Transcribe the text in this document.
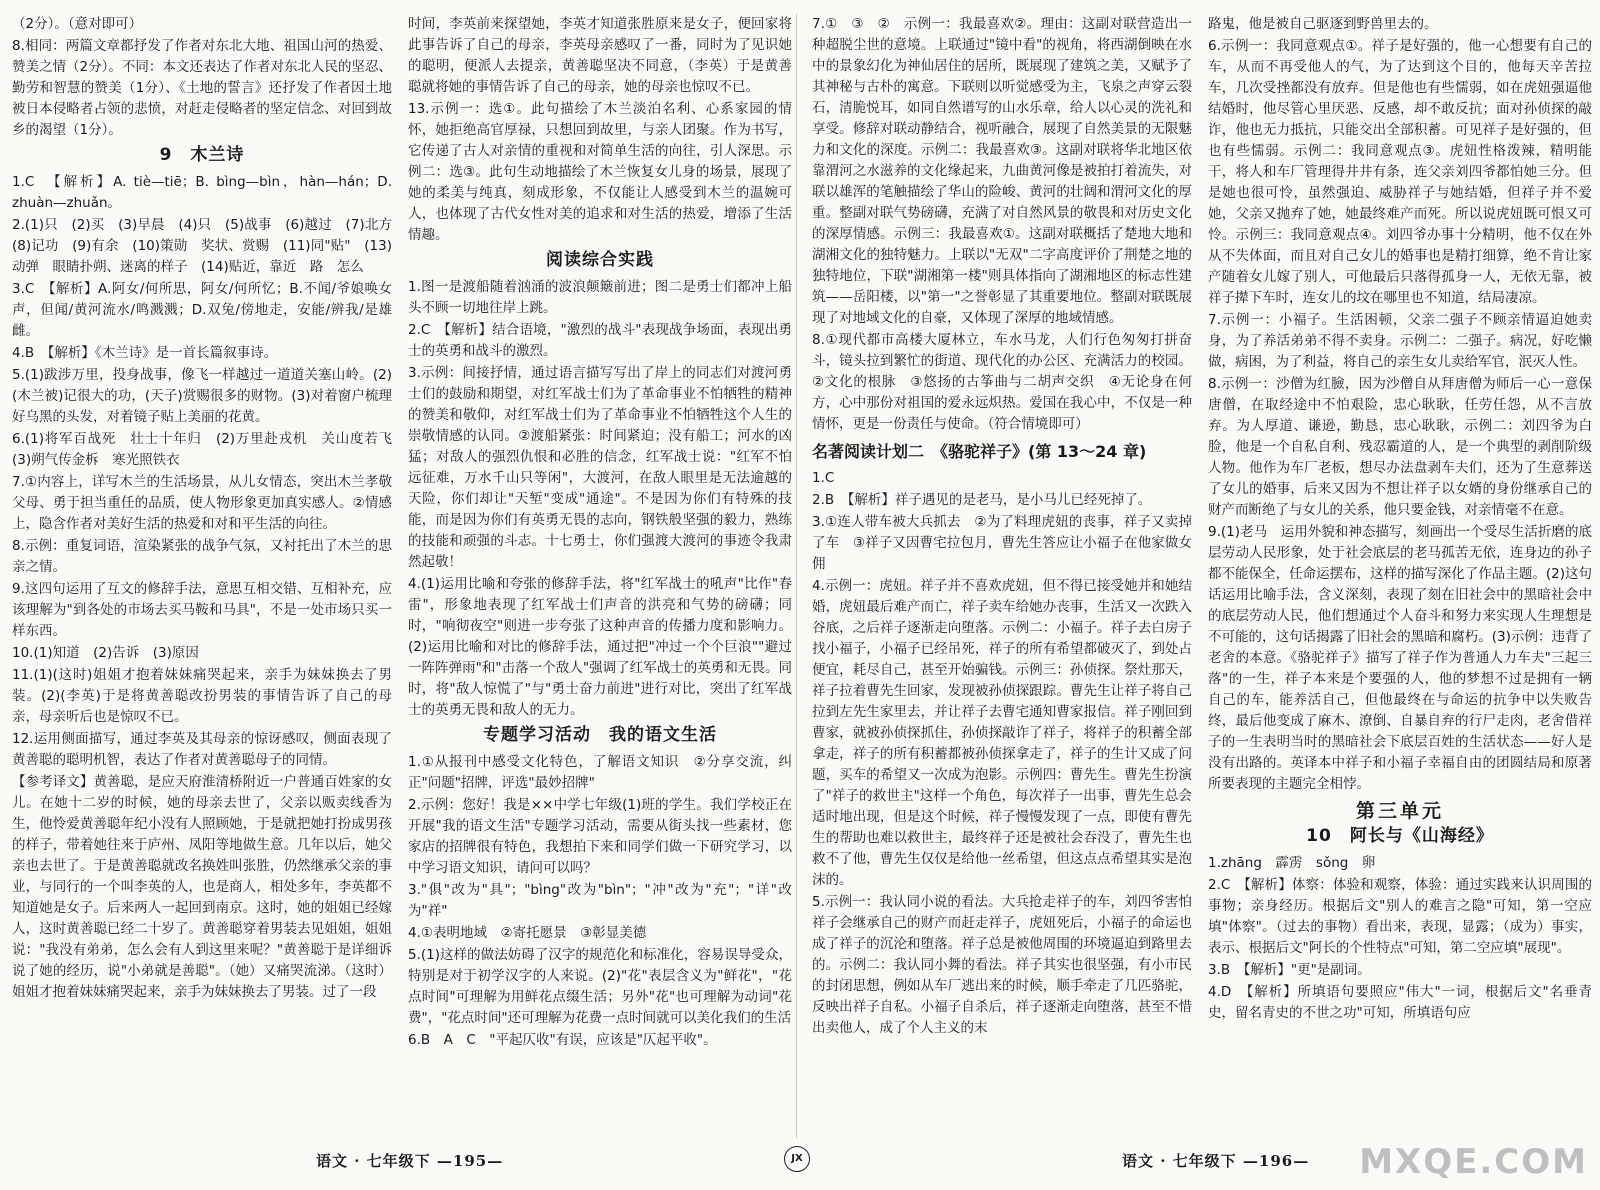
（2分）。（意对即可）

8.相同：两篇文章都抒发了作者对东北大地、祖国山河的热爱、赞美之情（2分）。不同：本文还表达了作者对东北人民的坚忍、勤劳和智慧的赞美（1分）、《土地的誓言》还抒发了作者因土地被日本侵略者占领的悲愤，对赶走侵略者的坚定信念、对回到故乡的渴望（1分）。

9　木兰诗

1.C　【解析】A. tiè—tiē；B. bìng—bìn，hàn—hán；D. zhuàn—zhuǎn。

2.(1)只　(2)买　(3)早晨　(4)只　(5)战事　(6)越过　(7)北方　(8)记功　(9)有余　(10)策勋　奖状、赏赐　(11)同"贴"　(13)动弹　眼睛扑朔、迷离的样子　(14)贴近，靠近　路　怎么

3.C　【解析】A.阿女/何所思，阿女/何所忆；B.不闻/爷娘唤女声，但闻/黄河流水/鸣溅溅；D.双兔/傍地走，安能/辨我/是雄雌。

4.B　【解析】《木兰诗》是一首长篇叙事诗。

5.(1)跋涉万里，投身战事，像飞一样越过一道道关塞山岭。(2)(木兰被)记很大的功，(天子)赏赐很多的财物。(3)对着窗户梳理好乌黑的头发，对着镜子贴上美丽的花黄。

6.(1)将军百战死　壮士十年归　(2)万里赴戎机　关山度若飞　(3)朔气传金柝　寒光照铁衣

7.①内容上，详写木兰的生活场景，从儿女情态，突出木兰孝敬父母、勇于担当重任的品质，使人物形象更加真实感人。②情感上，隐含作者对美好生活的热爱和对和平生活的向往。

8.示例：重复词语，渲染紧张的战争气氛，又衬托出了木兰的思亲之情。

9.这四句运用了互文的修辞手法，意思互相交错、互相补充，应该理解为"到各处的市场去买马鞍和马具"，不是一处市场只买一样东西。

10.(1)知道　(2)告诉　(3)原因

11.(1)(这时)姐姐才抱着妹妹痛哭起来，亲手为妹妹换去了男装。(2)(李英)于是将黄善聪改扮男装的事情告诉了自己的母亲，母亲听后也是惊叹不已。

12.运用侧面描写，通过李英及其母亲的惊讶感叹，侧面表现了黄善聪的聪明机智，表达了作者对黄善聪母子的同情。

【参考译文】黄善聪，是应天府淮清桥附近一户普通百姓家的女儿。在她十二岁的时候，她的母亲去世了，父亲以贩卖线香为生，他怜爱黄善聪年纪小没有人照顾她，于是就把她打扮成男孩的样子，带着她往来于庐州、凤阳等地做生意。几年以后，她父亲也去世了。于是黄善聪就改名换姓叫张胜，仍然继承父亲的事业，与同行的一个叫李英的人，也是商人，相处多年，李英都不知道她是女子。后来两人一起回到南京。这时，她的姐姐已经嫁人，这时黄善聪已经二十岁了。黄善聪穿着男装去见姐姐，姐姐说："我没有弟弟，怎么会有人到这里来呢？"黄善聪于是详细诉说了她的经历，说"小弟就是善聪"。（她）又痛哭流涕。（这时）姐姐才抱着妹妹痛哭起来，亲手为妹妹换去了男装。过了一段

时间，李英前来探望她，李英才知道张胜原来是女子，便回家将此事告诉了自己的母亲，李英母亲感叹了一番，同时为了见识她的聪明，便派人去提亲，黄善聪坚决不同意，（李英）于是黄善聪就将她的事情告诉了自己的母亲，她的母亲也惊叹不已。

13.示例一：选①。此句描绘了木兰淡泊名利、心系家园的情怀，她拒绝高官厚禄，只想回到故里，与亲人团聚。作为书写，它传递了古人对亲情的重视和对简单生活的向往，引人深思。示例二：选③。此句生动地描绘了木兰恢复女儿身的场景，展现了她的柔美与纯真，刻成形象，不仅能让人感受到木兰的温婉可人，也体现了古代女性对美的追求和对生活的热爱，增添了生活情趣。

阅读综合实践

1.图一是渡船随着汹涌的波浪颠簸前进；图二是勇士们都冲上船头不顾一切地往岸上跳。

2.C　【解析】结合语境，"激烈的战斗"表现战争场面，表现出勇士的英勇和战斗的激烈。

3.示例：间接抒情，通过语言描写写出了岸上的同志们对渡河勇士们的鼓励和期望，对红军战士们为了革命事业不怕牺牲的精神的赞美和敬仰，对红军战士们为了革命事业不怕牺牲这个人生的崇敬情感的认同。②渡船紧张：时间紧迫；没有船工；河水的凶猛；对敌人的强烈仇恨和必胜的信念，红军战士说："红军不怕远征难，万水千山只等闲"，大渡河，在敌人眼里是无法逾越的天险，你们却让"天堑"变成"通途"。不是因为你们有特殊的技能，而是因为你们有英勇无畏的志向，钢铁般坚强的毅力，熟练的技能和顽强的斗志。十七勇士，你们强渡大渡河的事迹令我肃然起敬！

4.(1)运用比喻和夸张的修辞手法，将"红军战士的吼声"比作"春雷"，形象地表现了红军战士们声音的洪亮和气势的磅礴；同时，"响彻夜空"则进一步夸张了这种声音的传播力度和影响力。(2)运用比喻和对比的修辞手法，通过把"冲过一个个巨浪""避过一阵阵弹雨"和"击落一个敌人"强调了红军战士的英勇和无畏。同时，将"敌人惊慌了"与"勇士奋力前进"进行对比，突出了红军战士的英勇无畏和敌人的无力。

专题学习活动　我的语文生活

1.①从报刊中感受文化特色，了解语文知识　②分享交流，纠正"问题"招牌，评选"最妙招牌"

2.示例：您好！我是××中学七年级(1)班的学生。我们学校正在开展"我的语文生活"专题学习活动，需要从街头找一些素材，您家店的招牌很有特色，我想拍下来和同学们做一下研究学习，以中学习语文知识，请问可以吗？

3."俱"改为"具"；"bìng"改为"bìn"；"冲"改为"充"；"详"改为"祥"

4.①表明地域　②寄托愿景　③彰显美德

5.(1)这样的做法妨碍了汉字的规范化和标准化，容易误导受众，特别是对于初学汉字的人来说。(2)"花"表层含义为"鲜花"，"花点时间"可理解为用鲜花点缀生活；另外"花"也可理解为动词"花费"，"花点时间"还可理解为花费一点时间就可以美化我们的生活

6.B　A　C　"平起仄收"有误，应该是"仄起平收"。

7.①　③　②　示例一：我最喜欢②。理由：这副对联营造出一种超脱尘世的意境。上联通过"镜中看"的视角，将西湖倒映在水中的景象幻化为神仙居住的居所，既展现了建筑之美，又赋予了其神秘与古朴的寓意。下联则以听觉感受为主，飞泉之声穿云裂石，清脆悦耳，如同自然谱写的山水乐章，给人以心灵的洗礼和享受。修辞对联动静结合，视听融合，展现了自然美景的无限魅力和文化的深度。示例二：我最喜欢③。这副对联将华北地区依靠渭河之水滋养的文化缘起来，九曲黄河像是被拍打着流失，对联以雄浑的笔触描绘了华山的险峻、黄河的壮阔和渭河文化的厚重。整副对联气势磅礴，充满了对自然风景的敬畏和对历史文化的深厚情感。示例三：我最喜欢①。这副对联概括了楚地大地和湖湘文化的独特魅力。上联以"无双"二字高度评价了荆楚之地的独特地位，下联"湖湘第一楼"则具体指向了湖湘地区的标志性建筑——岳阳楼，以"第一"之誉彰显了其重要地位。整副对联既展现了对地域文化的自豪，又体现了深厚的地域情感。

8.①现代都市高楼大厦林立，车水马龙，人们行色匆匆打拼奋斗，镜头拉到繁忙的街道、现代化的办公区、充满活力的校园。②文化的根脉　③悠扬的古筝曲与二胡声交织　④无论身在何方，心中那份对祖国的爱永远炽热。爱国在我心中，不仅是一种情怀，更是一份责任与使命。（符合情境即可）

名著阅读计划二　《骆驼祥子》(第 13～24 章)

1.C

2.B　【解析】祥子遇见的是老马，是小马儿已经死掉了。

3.①连人带车被大兵抓去　②为了料理虎妞的丧事，祥子又卖掉了车　③祥子又因曹宅拉包月，曹先生答应让小福子在他家做女佣

4.示例一：虎妞。祥子并不喜欢虎妞，但不得已接受她并和她结婚，虎妞最后难产而亡，祥子卖车给她办丧事，生活又一次跌入谷底，之后祥子逐渐走向堕落。示例二：小福子。祥子去白房子找小福子，小福子已经吊死，祥子的所有希望都破灭了，到处占便宜，耗尽自己，甚至开始骗钱。示例三：孙侦探。祭灶那天，祥子拉着曹先生回家，发现被孙侦探跟踪。曹先生让祥子将自己拉到左先生家里去，并让祥子去曹宅通知曹家报信。祥子刚回到曹家，就被孙侦探抓住，孙侦探敲诈了祥子，将祥子的积蓄全部拿走，祥子的所有积蓄都被孙侦探拿走了，祥子的生计又成了问题，买车的希望又一次成为泡影。示例四：曹先生。曹先生扮演了"祥子的救世主"这样一个角色，每次祥子一出事，曹先生总会适时地出现，但是这个时候，祥子慢慢发现了一点，即使有曹先生的帮助也难以救世主，最终祥子还是被社会吞没了，曹先生也救不了他，曹先生仅仅是给他一丝希望，但这点点希望其实是泡沫的。

5.示例一：我认同小说的看法。大兵抢走祥子的车，刘四爷害怕祥子会继承自己的财产而赶走祥子，虎妞死后，小福子的命运也成了祥子的沉沦和堕落。祥子总是被他周围的环境逼迫到路里去的。示例二：我认同小舞的看法。祥子其实也很坚强，有小市民的封闭思想，例如从车厂逃出来的时候，顺手牵走了几匹骆驼，反映出祥子自私。小福子自杀后，祥子逐渐走向堕落，甚至不惜出卖他人，成了个人主义的末

路鬼，他是被自己驱逐到野兽里去的。

6.示例一：我同意观点①。祥子是好强的，他一心想要有自己的车，从而不再受他人的气，为了达到这个目的，他每天辛苦拉车，几次受挫都没有放弃。但是他也有些懦弱，如在虎妞强逼他结婚时，他尽管心里厌恶、反感，却不敢反抗；面对孙侦探的敲诈，他也无力抵抗，只能交出全部积蓄。可见祥子是好强的，但也有些懦弱。示例二：我同意观点③。虎妞性格泼辣，精明能干，将人和车厂管理得井井有条，连父亲刘四爷都怕她三分。但是她也很可怜，虽然强迫、威胁祥子与她结婚，但祥子并不爱她，父亲又抛弃了她，她最终难产而死。所以说虎妞既可恨又可怜。示例三：我同意观点④。刘四爷办事十分精明，他不仅在外从不失体面，而且对自己女儿的婚事也是精打细算，绝不肯让家产随着女儿嫁了别人，可他最后只落得孤身一人，无依无靠，被祥子撵下车时，连女儿的坟在哪里也不知道，结局凄凉。

7.示例一：小福子。生活困顿，父亲二强子不顾亲情逼迫她卖身，为了养活弟弟不得不卖身。示例二：二强子。病况，好吃懒做，病困，为了利益，将自己的亲生女儿卖给军官，泯灭人性。

8.示例一：沙僧为红臉，因为沙僧自从拜唐僧为师后一心一意保唐僧，在取经途中不怕艰险，忠心耿耿，任劳任怨，从不言放弃。为人厚道、谦逊，勤恳，忠心耿耿，示例二：刘四爷为白脸，他是一个自私自利、残忍霸道的人，是一个典型的剥削阶级人物。他作为车厂老板，想尽办法盘剥车夫们，还为了生意葬送了女儿的婚事，后来又因为不想让祥子以女婿的身份继承自己的财产而断绝了与女儿的关系，他只要金钱，对亲情毫不在意。

9.(1)老马　运用外貌和神态描写，刻画出一个受尽生活折磨的底层劳动人民形象，处于社会底层的老马孤苦无依，连身边的孙子都不能保全，任命运摆布，这样的描写深化了作品主题。(2)这句话运用比喻手法，含义深刻，表现了刻在旧社会中的黑暗社会中的底层劳动人民，他们想通过个人奋斗和努力来实现人生理想是不可能的，这句话揭露了旧社会的黑暗和腐朽。(3)示例：违背了老舍的本意。《骆驼祥子》描写了祥子作为普通人力车夫"三起三落"的一生，祥子本来是个要强的人，他的梦想不过是拥有一辆自己的车，能养活自己，但他最终在与命运的抗争中以失败告终，最后他变成了麻木、潦倒、自暴自弃的行尸走肉，老舍借祥子的一生表明当时的黑暗社会下底层百姓的生活状态——好人是没有出路的。英译本中祥子和小福子幸福自由的团圆结局和原著所要表现的主题完全相悖。

第三单元
10　阿长与《山海经》

1.zhāng　霹雳　sǒng　卵

2.C　【解析】体察：体验和观察，体验：通过实践来认识周围的事物；亲身经历。根据后文"别人的难言之隐"可知，第一空应填"体察"。（过去的事物）看出来，表现，显露；（成为）事实，表示、根据后文"阿长的个性特点"可知，第二空应填"展现"。

3.B　【解析】"更"是副词。

4.D　【解析】所填语句要照应"伟大"一词，根据后文"名垂青史，留名青史的不世之功"可知，所填语句应

语文 · 七年级下 —195—	JX	语文 · 七年级下 —196— MXQE.COM
